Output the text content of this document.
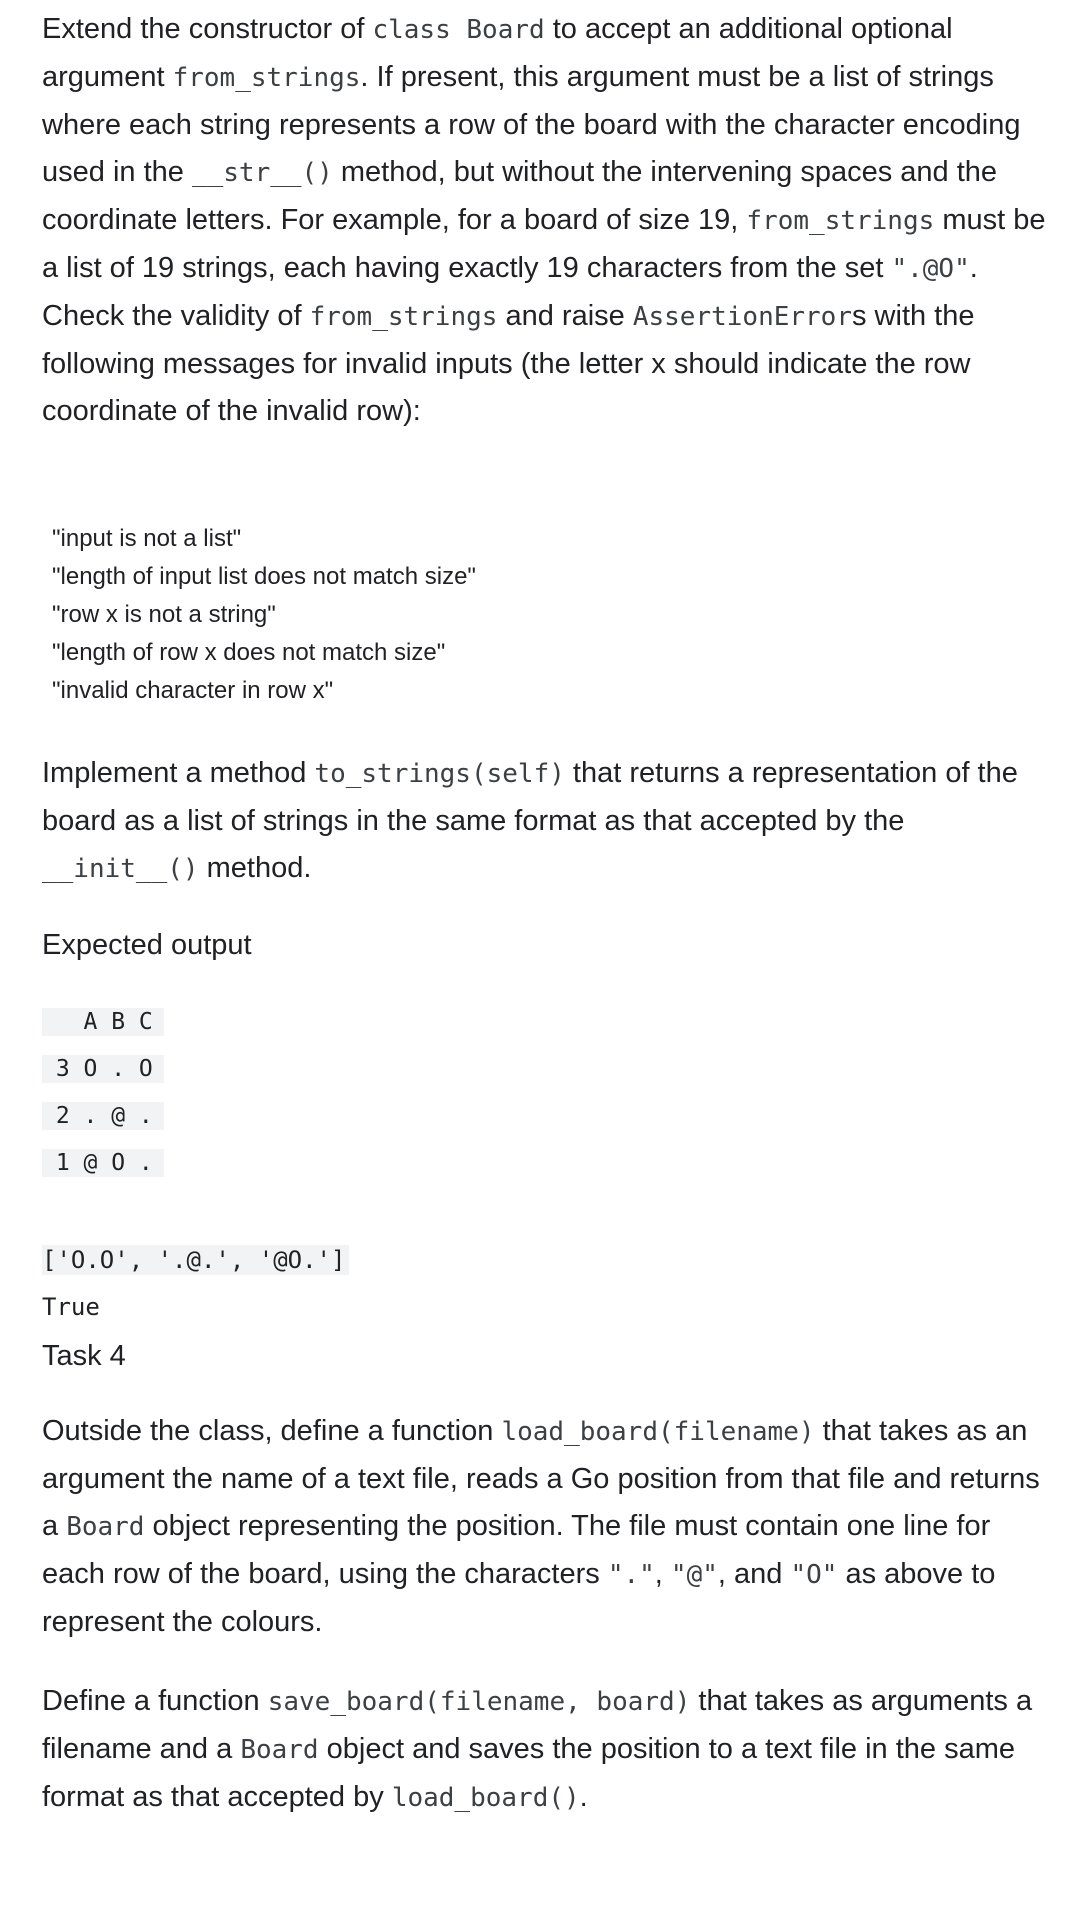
Extend the constructor of class Board to accept an additional optional argument from_strings. If present, this argument must be a list of strings where each string represents a row of the board with the character encoding used in the __str__() method, but without the intervening spaces and the coordinate letters. For example, for a board of size 19, from_strings must be a list of 19 strings, each having exactly 19 characters from the set ".@O". Check the validity of from_strings and raise AssertionErrors with the following messages for invalid inputs (the letter x should indicate the row coordinate of the invalid row):

"input is not a list"
"length of input list does not match size"
"row x is not a string"
"length of row x does not match size"
"invalid character in row x"

Implement a method to_strings(self) that returns a representation of the board as a list of strings in the same format as that accepted by the __init__() method.

Expected output

A B C
3 O . O
2 . @ .
1 @ O .
['O.O', '.@.', '@O.']
True

Task 4

Outside the class, define a function load_board(filename) that takes as an argument the name of a text file, reads a Go position from that file and returns a Board object representing the position. The file must contain one line for each row of the board, using the characters ".", "@", and "O" as above to represent the colours.

Define a function save_board(filename, board) that takes as arguments a filename and a Board object and saves the position to a text file in the same format as that accepted by load_board().
